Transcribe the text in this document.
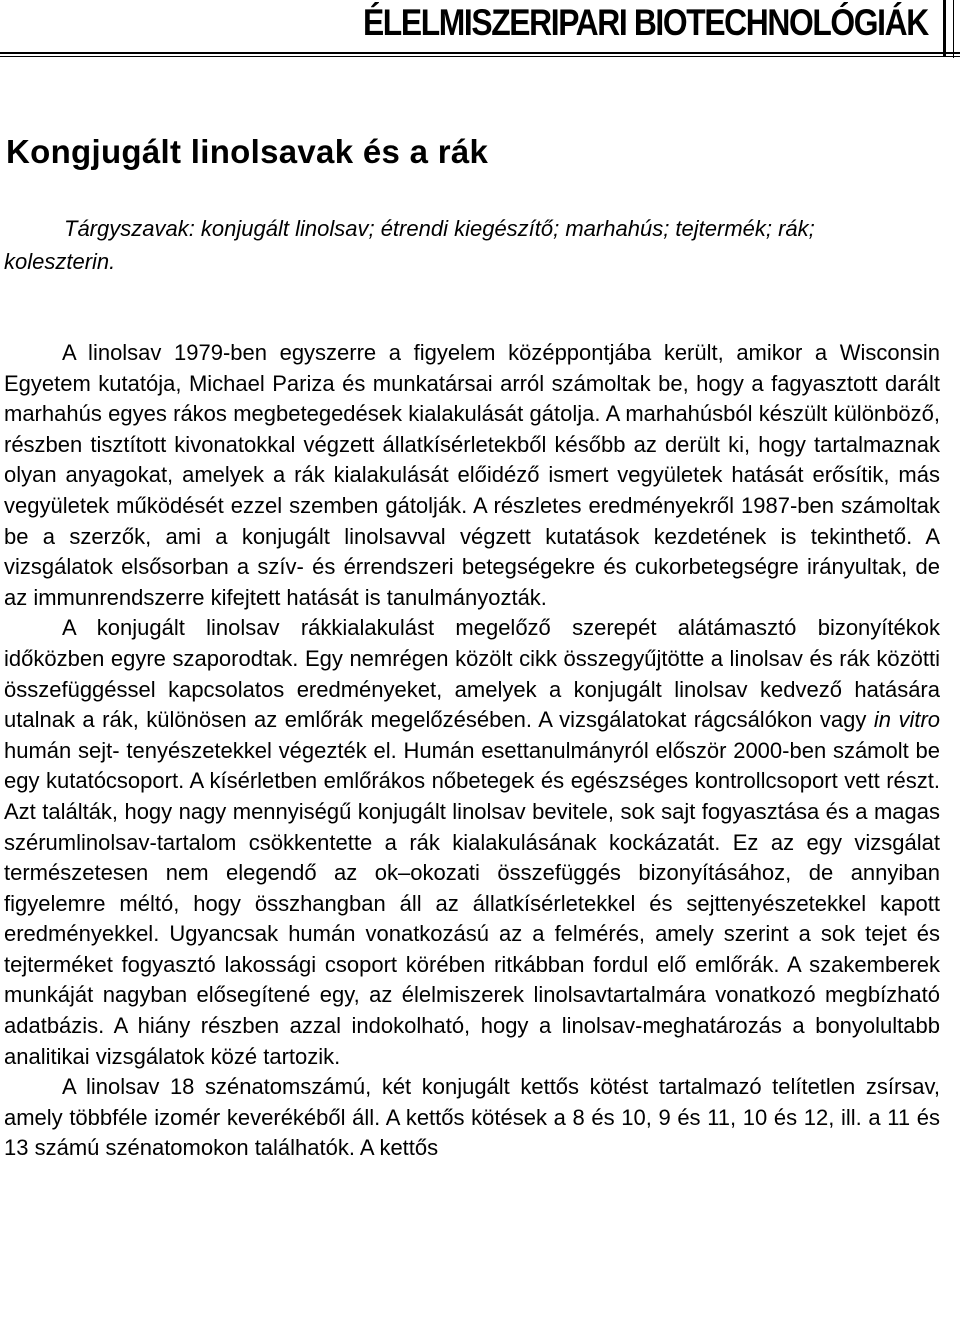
ÉLELMISZERIPARI BIOTECHNOLÓGIÁK
Kongjugált linolsavak és a rák
Tárgyszavak: konjugált linolsav; étrendi kiegészítő; marhahús; tejtermék; rák; koleszterin.

A linolsav 1979-ben egyszerre a figyelem középpontjába került, amikor a Wisconsin Egyetem kutatója, Michael Pariza és munkatársai arról számoltak be, hogy a fagyasztott darált marhahús egyes rákos megbetegedések kialakulását gátolja. A marhahúsból készült különböző, részben tisztított kivonatokkal végzett állatkísérletekből később az derült ki, hogy tartalmaznak olyan anyagokat, amelyek a rák kialakulását előidéző ismert vegyületek hatását erősítik, más vegyületek működését ezzel szemben gátolják. A részletes eredményekről 1987-ben számoltak be a szerzők, ami a konjugált linolsavval végzett kutatások kezdetének is tekinthető. A vizsgálatok elsősorban a szív- és érrendszeri betegségekre és cukorbetegségre irányultak, de az immunrendszerre kifejtett hatását is tanulmányozták.

A konjugált linolsav rákkialakulást megelőző szerepét alátámasztó bizonyítékok időközben egyre szaporodtak. Egy nemrégen közölt cikk összegyűjtötte a linolsav és rák közötti összefüggéssel kapcsolatos eredményeket, amelyek a konjugált linolsav kedvező hatására utalnak a rák, különösen az emlőrák megelőzésében. A vizsgálatokat rágcsálókon vagy in vitro humán sejt- tenyészetekkel végezték el. Humán esettanulmányról először 2000-ben számolt be egy kutatócsoport. A kísérletben emlőrákos nőbetegek és egészséges kontrollcsoport vett részt. Azt találták, hogy nagy mennyiségű konjugált linolsav bevitele, sok sajt fogyasztása és a magas szérumlinolsav-tartalom csökkentette a rák kialakulásának kockázatát. Ez az egy vizsgálat természetesen nem elegendő az ok–okozati összefüggés bizonyításához, de annyiban figyelemre méltó, hogy összhangban áll az állatkísérletekkel és sejttenyészetekkel kapott eredményekkel. Ugyancsak humán vonatkozású az a felmérés, amely szerint a sok tejet és tejterméket fogyasztó lakossági csoport körében ritkábban fordul elő emlőrák. A szakemberek munkáját nagyban elősegítené egy, az élelmiszerek linolsavtartalmára vonatkozó megbízható adatbázis. A hiány részben azzal indokolható, hogy a linolsav-meghatározás a bonyolultabb analitikai vizsgálatok közé tartozik.

A linolsav 18 szénatomszámú, két konjugált kettős kötést tartalmazó telítetlen zsírsav, amely többféle izomér keverékéből áll. A kettős kötések a 8 és 10, 9 és 11, 10 és 12, ill. a 11 és 13 számú szénatomokon találhatók. A kettős
